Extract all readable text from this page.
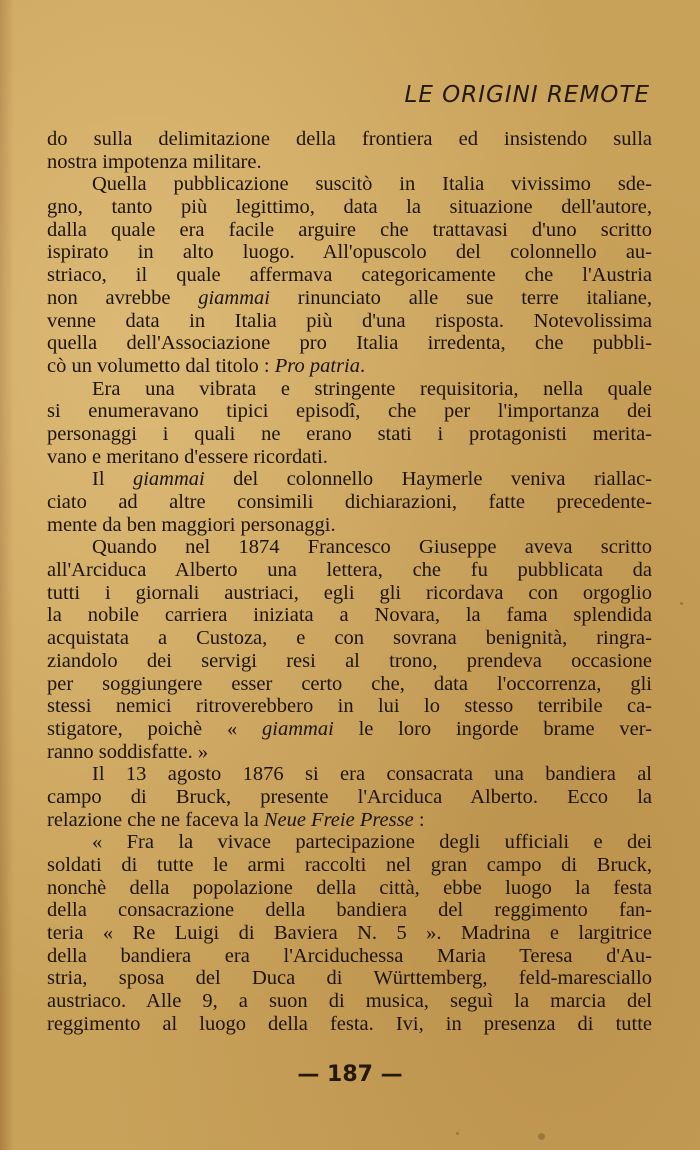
LE ORIGINI REMOTE
do sulla delimitazione della frontiera ed insistendo sulla
nostra impotenza militare.
Quella pubblicazione suscitò in Italia vivissimo sde-
gno, tanto più legittimo, data la situazione dell'autore,
dalla quale era facile arguire che trattavasi d'uno scritto
ispirato in alto luogo. All'opuscolo del colonnello au-
striaco, il quale affermava categoricamente che l'Austria
non avrebbe giammai rinunciato alle sue terre italiane,
venne data in Italia più d'una risposta. Notevolissima
quella dell'Associazione pro Italia irredenta, che pubbli-
cò un volumetto dal titolo : Pro patria.
Era una vibrata e stringente requisitoria, nella quale
si enumeravano tipici episodî, che per l'importanza dei
personaggi i quali ne erano stati i protagonisti merita-
vano e meritano d'essere ricordati.
Il giammai del colonnello Haymerle veniva riallac-
ciato ad altre consimili dichiarazioni, fatte precedente-
mente da ben maggiori personaggi.
Quando nel 1874 Francesco Giuseppe aveva scritto
all'Arciduca Alberto una lettera, che fu pubblicata da
tutti i giornali austriaci, egli gli ricordava con orgoglio
la nobile carriera iniziata a Novara, la fama splendida
acquistata a Custoza, e con sovrana benignità, ringra-
ziandolo dei servigi resi al trono, prendeva occasione
per soggiungere esser certo che, data l'occorrenza, gli
stessi nemici ritroverebbero in lui lo stesso terribile ca-
stigatore, poichè « giammai le loro ingorde brame ver-
ranno soddisfatte. »
Il 13 agosto 1876 si era consacrata una bandiera al
campo di Bruck, presente l'Arciduca Alberto. Ecco la
relazione che ne faceva la Neue Freie Presse :
« Fra la vivace partecipazione degli ufficiali e dei
soldati di tutte le armi raccolti nel gran campo di Bruck,
nonchè della popolazione della città, ebbe luogo la festa
della consacrazione della bandiera del reggimento fan-
teria « Re Luigi di Baviera N. 5 ». Madrina e largitrice
della bandiera era l'Arciduchessa Maria Teresa d'Au-
stria, sposa del Duca di Württemberg, feld-maresciallo
austriaco. Alle 9, a suon di musica, seguì la marcia del
reggimento al luogo della festa. Ivi, in presenza di tutte
— 187 —
